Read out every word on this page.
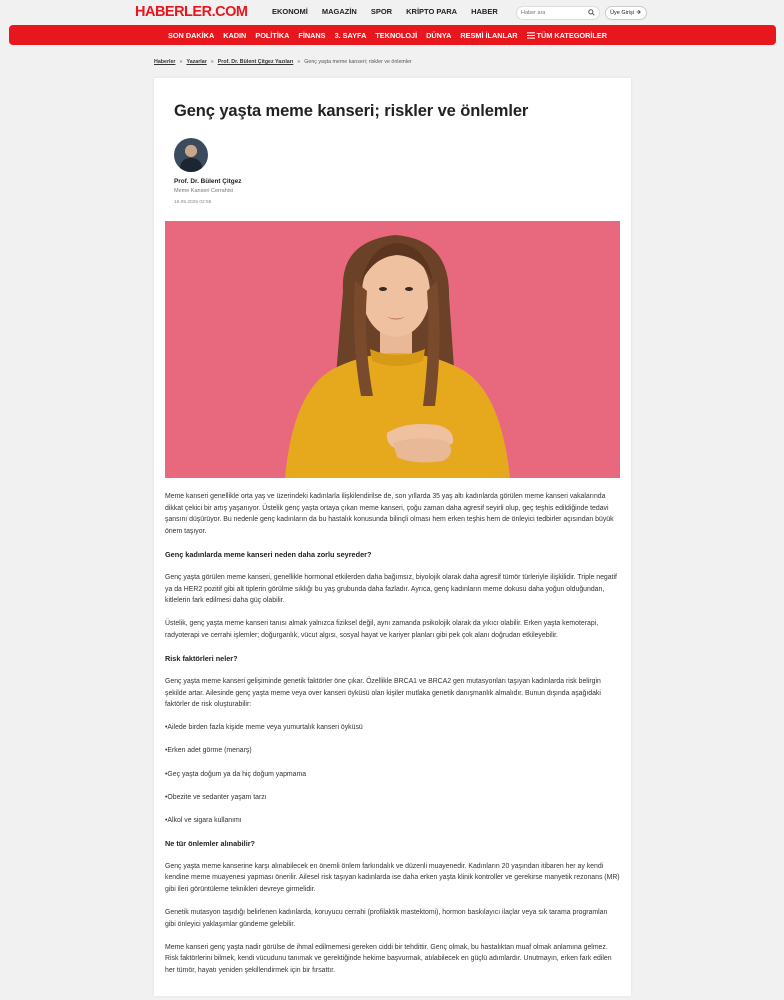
HABERLER.COM	EKONOMİ MAGAZİN SPOR KRİPTO PARA HABER
Haber ara	Üye Girişi
SON DAKİKA KADIN POLİTİKA FİNANS 3. SAYFA TEKNOLOJİ DÜNYA RESMİ İLANLAR	TÜM KATEGORİLER
Haberler » Yazarlar » Prof. Dr. Bülent Çitgez Yazıları » Genç yaşta meme kanseri; riskler ve önlemler
Genç yaşta meme kanseri; riskler ve önlemler
Prof. Dr. Bülent Çitgez
Meme Kanseri Cerrahisi
16.05.2025 02:55

Meme kanseri genellikle orta yaş ve üzerindeki kadınlarla ilişkilendirilse de, son yıllarda 35 yaş altı kadınlarda görülen meme kanseri vakalarında dikkat çekici bir artış yaşanıyor. Üstelik genç yaşta ortaya çıkan meme kanseri, çoğu zaman daha agresif seyirli olup, geç teşhis edildiğinde tedavi şansını düşürüyor. Bu nedenle genç kadınların da bu hastalık konusunda bilinçli olması hem erken teşhis hem de önleyici tedbirler açısından büyük önem taşıyor.

Genç kadınlarda meme kanseri neden daha zorlu seyreder?

Genç yaşta görülen meme kanseri, genellikle hormonal etkilerden daha bağımsız, biyolojik olarak daha agresif tümör türleriyle ilişkilidir. Triple negatif ya da HER2 pozitif gibi alt tiplerin görülme sıklığı bu yaş grubunda daha fazladır. Ayrıca, genç kadınların meme dokusu daha yoğun olduğundan, kitlelerin fark edilmesi daha güç olabilir.

Üstelik, genç yaşta meme kanseri tanısı almak yalnızca fiziksel değil, aynı zamanda psikolojik olarak da yıkıcı olabilir. Erken yaşta kemoterapi, radyoterapi ve cerrahi işlemler; doğurganlık, vücut algısı, sosyal hayat ve kariyer planları gibi pek çok alanı doğrudan etkileyebilir.

Risk faktörleri neler?

Genç yaşta meme kanseri gelişiminde genetik faktörler öne çıkar. Özellikle BRCA1 ve BRCA2 gen mutasyonları taşıyan kadınlarda risk belirgin şekilde artar. Ailesinde genç yaşta meme veya over kanseri öyküsü olan kişiler mutlaka genetik danışmanlık almalıdır. Bunun dışında aşağıdaki faktörler de risk oluşturabilir:

•Ailede birden fazla kişide meme veya yumurtalık kanseri öyküsü

•Erken adet görme (menarş)

•Geç yaşta doğum ya da hiç doğum yapmama

•Obezite ve sedanter yaşam tarzı

•Alkol ve sigara kullanımı

Ne tür önlemler alınabilir?

Genç yaşta meme kanserine karşı alınabilecek en önemli önlem farkındalık ve düzenli muayenedir. Kadınların 20 yaşından itibaren her ay kendi kendine meme muayenesi yapması önerilir. Ailesel risk taşıyan kadınlarda ise daha erken yaşta klinik kontroller ve gerekirse manyetik rezonans (MR) gibi ileri görüntüleme teknikleri devreye girmelidir.

Genetik mutasyon taşıdığı belirlenen kadınlarda, koruyucu cerrahi (profilaktik mastektomi), hormon baskılayıcı ilaçlar veya sık tarama programları gibi önleyici yaklaşımlar gündeme gelebilir.

Meme kanseri genç yaşta nadir görülse de ihmal edilmemesi gereken ciddi bir tehdittir. Genç olmak, bu hastalıktan muaf olmak anlamına gelmez. Risk faktörlerini bilmek, kendi vücudunu tanımak ve gerektiğinde hekime başvurmak, atılabilecek en güçlü adımlardır. Unutmayın, erken fark edilen her tümör, hayatı yeniden şekillendirmek için bir fırsattır.
